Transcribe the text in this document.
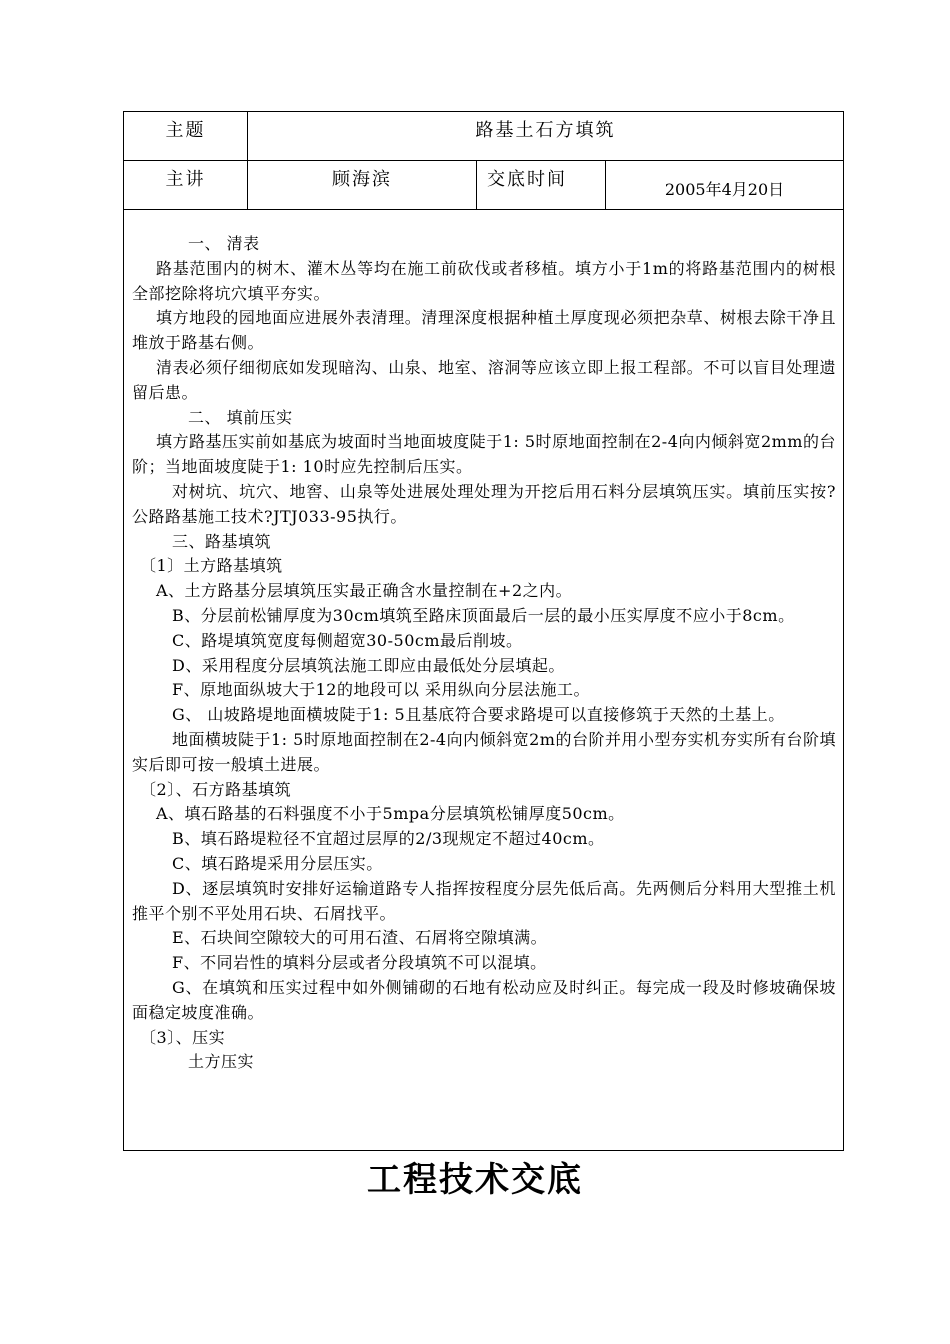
主题	路基土石方填筑
主讲	顾海滨	交底时间	2005年4月20日

一、 清表

路基范围内的树木、灌木丛等均在施工前砍伐或者移植。填方小于1m的将路基范围内的树根全部挖除将坑穴填平夯实。

填方地段的园地面应进展外表清理。清理深度根据种植土厚度现必须把杂草、树根去除干净且堆放于路基右侧。

清表必须仔细彻底如发现暗沟、山泉、地室、溶洞等应该立即上报工程部。不可以盲目处理遗留后患。

二、 填前压实

填方路基压实前如基底为坡面时当地面坡度陡于1: 5时原地面控制在2-4向内倾斜宽2mm的台阶；当地面坡度陡于1: 10时应先控制后压实。

对树坑、坑穴、地窖、山泉等处进展处理处理为开挖后用石料分层填筑压实。填前压实按?公路路基施工技术?JTJ033-95执行。

三、路基填筑

〔1〕土方路基填筑

A、土方路基分层填筑压实最正确含水量控制在+2之内。

B、分层前松铺厚度为30cm填筑至路床顶面最后一层的最小压实厚度不应小于8cm。

C、路堤填筑宽度每侧超宽30-50cm最后削坡。

D、采用程度分层填筑法施工即应由最低处分层填起。

F、原地面纵坡大于12的地段可以 采用纵向分层法施工。

G、 山坡路堤地面横坡陡于1: 5且基底符合要求路堤可以直接修筑于天然的土基上。

地面横坡陡于1: 5时原地面控制在2-4向内倾斜宽2m的台阶并用小型夯实机夯实所有台阶填实后即可按一般填土进展。

〔2〕、石方路基填筑

A、填石路基的石料强度不小于5mpa分层填筑松铺厚度50cm。

B、填石路堤粒径不宜超过层厚的2/3现规定不超过40cm。

C、填石路堤采用分层压实。

D、逐层填筑时安排好运输道路专人指挥按程度分层先低后高。先两侧后分料用大型推土机推平个别不平处用石块、石屑找平。

E、石块间空隙较大的可用石渣、石屑将空隙填满。

F、不同岩性的填料分层或者分段填筑不可以混填。

G、在填筑和压实过程中如外侧铺砌的石地有松动应及时纠正。每完成一段及时修坡确保坡面稳定坡度准确。

〔3〕、压实

土方压实

工程技术交底
